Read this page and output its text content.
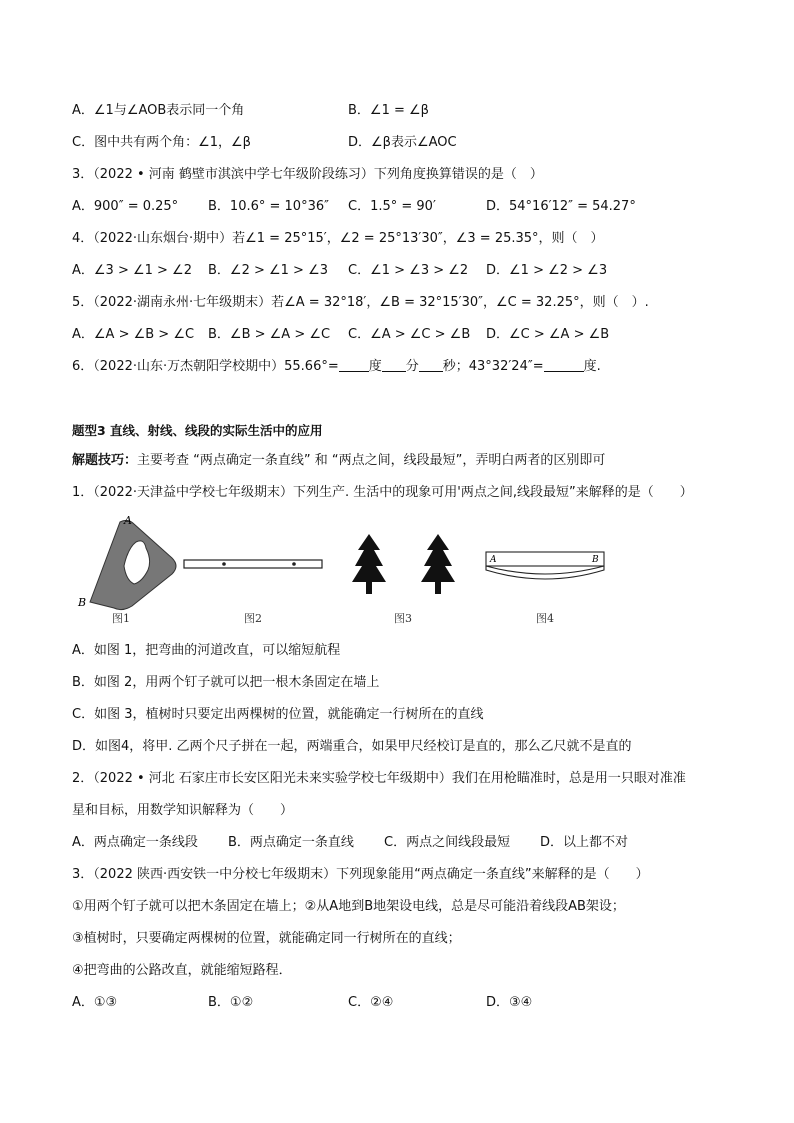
A．∠1与∠AOB表示同一个角	B．∠1 = ∠β
C．图中共有两个角：∠1，∠β	D．∠β表示∠AOC
3．（2022 • 河南 鹤壁市淇滨中学七年级阶段练习）下列角度换算错误的是（　）
A．900″ = 0.25° B．10.6° = 10°36″ C．1.5° = 90′	D．54°16′12″ = 54.27°
4．（2022·山东烟台·期中）若∠1 = 25°15′，∠2 = 25°13′30″，∠3 = 25.35°，则（　）
A．∠3 > ∠1 > ∠2 B．∠2 > ∠1 > ∠3 C．∠1 > ∠3 > ∠2 D．∠1 > ∠2 > ∠3
5．（2022·湖南永州·七年级期末）若∠A = 32°18′，∠B = 32°15′30″，∠C = 32.25°，则（　）.
A．∠A > ∠B > ∠C B．∠B > ∠A > ∠C C．∠A > ∠C > ∠B D．∠C > ∠A > ∠B
6．（2022·山东·万杰朝阳学校期中）55.66°= 度 分 秒；43°32′24″=	度.
题型3 直线、射线、线段的实际生活中的应用
解题技巧：主要考查 “两点确定一条直线” 和 “两点之间，线段最短”，弄明白两者的区别即可
1．（2022·天津益中学校七年级期末）下列生产. 生活中的现象可用'两点之间,线段最短”来解释的是（　　）
A
B
A	B
图1	图2	图3	图4
A．如图 1，把弯曲的河道改直，可以缩短航程
B．如图 2，用两个钉子就可以把一根木条固定在墙上
C．如图 3，植树时只要定出两棵树的位置，就能确定一行树所在的直线
D．如图4，将甲. 乙两个尺子拼在一起，两端重合，如果甲尺经校订是直的，那么乙尺就不是直的
2．（2022 • 河北 石家庄市长安区阳光未来实验学校七年级期中）我们在用枪瞄准时，总是用一只眼对准准
星和目标，用数学知识解释为（　　）
A．两点确定一条线段 B．两点确定一条直线 C．两点之间线段最短 D．以上都不对
3．（2022 陕西·西安铁一中分校七年级期末）下列现象能用“两点确定一条直线”来解释的是（　　）
①用两个钉子就可以把木条固定在墙上；②从A地到B地架设电线，总是尽可能沿着线段AB架设；
③植树时，只要确定两棵树的位置，就能确定同一行树所在的直线；
④把弯曲的公路改直，就能缩短路程．
A．①③	B．①②	C．②④	D．③④
